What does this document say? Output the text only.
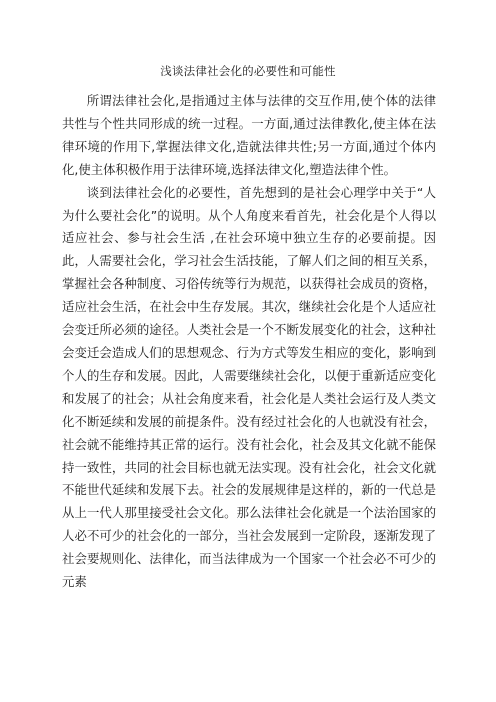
浅谈法律社会化的必要性和可能性

所谓法律社会化,是指通过主体与法律的交互作用,使个体的法律共性与个性共同形成的统一过程。一方面,通过法律教化,使主体在法律环境的作用下,掌握法律文化,造就法律共性;另一方面,通过个体内化,使主体积极作用于法律环境,选择法律文化,塑造法律个性。

谈到法律社会化的必要性，首先想到的是社会心理学中关于“人为什么要社会化”的说明。从个人角度来看首先，社会化是个人得以适应社会、参与社会生活 ,在社会环境中独立生存的必要前提。因此，人需要社会化，学习社会生活技能，了解人们之间的相互关系，掌握社会各种制度、习俗传统等行为规范，以获得社会成员的资格，适应社会生活，在社会中生存发展。其次，继续社会化是个人适应社会变迁所必须的途径。人类社会是一个不断发展变化的社会，这种社会变迁会造成人们的思想观念、行为方式等发生相应的变化，影响到个人的生存和发展。因此，人需要继续社会化，以便于重新适应变化和发展了的社会；从社会角度来看，社会化是人类社会运行及人类文化不断延续和发展的前提条件。没有经过社会化的人也就没有社会，社会就不能维持其正常的运行。没有社会化，社会及其文化就不能保持一致性，共同的社会目标也就无法实现。没有社会化，社会文化就不能世代延续和发展下去。社会的发展规律是这样的，新的一代总是从上一代人那里接受社会文化。那么法律社会化就是一个法治国家的人必不可少的社会化的一部分，当社会发展到一定阶段，逐渐发现了社会要规则化、法律化，而当法律成为一个国家一个社会必不可少的元素
